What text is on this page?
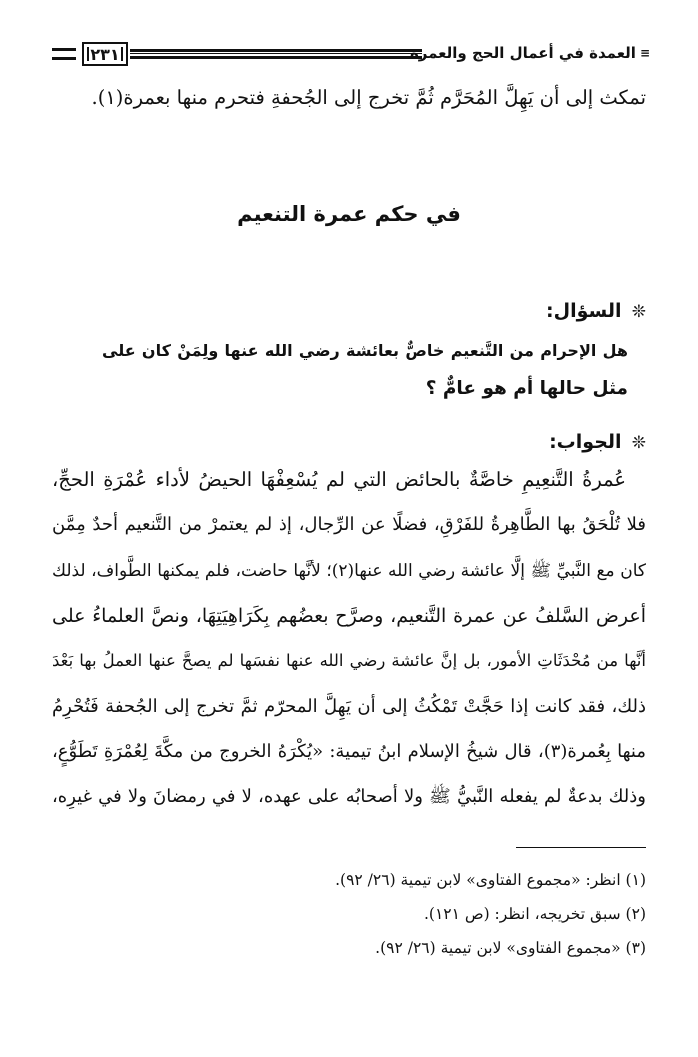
≡
العمدة في أعمال الحج والعمرة
٢٣١
تمكث إلى أن يَهِلَّ المُحَرَّم ثُمَّ تخرج إلى الجُحفةِ فتحرم منها بعمرة(١).
في حكم عمرة التنعيم
❊ السؤال:
هل الإحرام من التَّنعيم خاصٌّ بعائشة رضي الله عنها ولِمَنْ كان على
مثل حالها أم هو عامٌّ ؟
❊ الجواب:
عُمرةُ التَّنعِيمِ خاصَّةٌ بالحائض التي لم يُسْعِفْهَا الحيضُ لأداء عُمْرَةِ الحجِّ،
فلا تُلْحَقُ بها الطَّاهِرةُ للفَرْقِ، فضلًا عن الرِّجال، إذ لم يعتمرْ من التَّنعيم أحدٌ مِمَّن
كان مع النَّبيِّ ﷺ إلَّا عائشة رضي الله عنها(٢)؛ لأنَّها حاضت، فلم يمكنها الطَّواف، لذلك
أعرض السَّلفُ عن عمرة التَّنعيم، وصرَّح بعضُهم بِكَرَاهِيَتِهَا، ونصَّ العلماءُ على
أنَّها من مُحْدَثَاتِ الأمور، بل إنَّ عائشة رضي الله عنها نفسَها لم يصحَّ عنها العملُ بها بَعْدَ
ذلك، فقد كانت إذا حَجَّتْ تَمْكُثُ إلى أن يَهِلَّ المحرّم ثمَّ تخرج إلى الجُحفة فَتُحْرِمُ
منها بِعُمرة(٣)، قال شيخُ الإسلام ابنُ تيمية: «يُكْرَهُ الخروج من مكَّةَ لِعُمْرَةِ تَطَوُّعٍ،
وذلك بدعةٌ لم يفعله النَّبيُّ ﷺ ولا أصحابُه على عهده، لا في رمضانَ ولا في غيرِه،
(١) انظر: «مجموع الفتاوى» لابن تيمية (٢٦/ ٩٢).
(٢) سبق تخريجه، انظر: (ص ١٢١).
(٣) «مجموع الفتاوى» لابن تيمية (٢٦/ ٩٢).
